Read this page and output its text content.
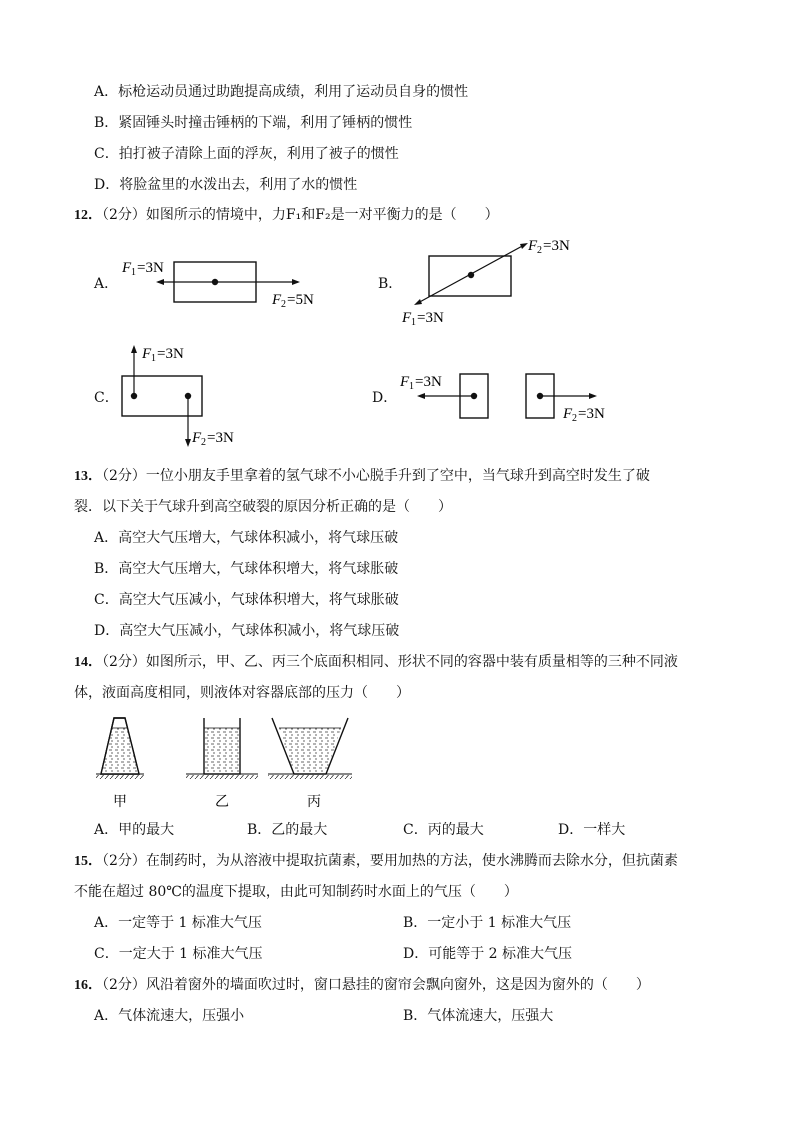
A．标枪运动员通过助跑提高成绩，利用了运动员自身的惯性
B．紧固锤头时撞击锤柄的下端，利用了锤柄的惯性
C．拍打被子清除上面的浮灰，利用了被子的惯性
D．将脸盆里的水泼出去，利用了水的惯性
12．（2分）如图所示的情境中，力F₁和F₂是一对平衡力的是（　　）
A．
F 1 =3N
F 2 =5N
B．
F 2 =3N
F 1 =3N
C．
F 1 =3N
F 2 =3N
D．
F 1 =3N
F 2 =3N
13．（2分）一位小朋友手里拿着的氢气球不小心脱手升到了空中，当气球升到高空时发生了破
裂．以下关于气球升到高空破裂的原因分析正确的是（　　）
A．高空大气压增大，气球体积减小，将气球压破
B．高空大气压增大，气球体积增大，将气球胀破
C．高空大气压减小，气球体积增大，将气球胀破
D．高空大气压减小，气球体积减小，将气球压破
14．（2分）如图所示，甲、乙、丙三个底面积相同、形状不同的容器中装有质量相等的三种不同液
体，液面高度相同，则液体对容器底部的压力（　　）
甲	乙	丙
A．甲的最大	B．乙的最大	C．丙的最大	D．一样大
15．（2分）在制药时，为从溶液中提取抗菌素，要用加热的方法，使水沸腾而去除水分，但抗菌素
不能在超过 80℃的温度下提取，由此可知制药时水面上的气压（　　）
A．一定等于 1 标准大气压	B．一定小于 1 标准大气压
C．一定大于 1 标准大气压	D．可能等于 2 标准大气压
16．（2分）风沿着窗外的墙面吹过时，窗口悬挂的窗帘会飘向窗外，这是因为窗外的（　　）
A．气体流速大，压强小	B．气体流速大，压强大
